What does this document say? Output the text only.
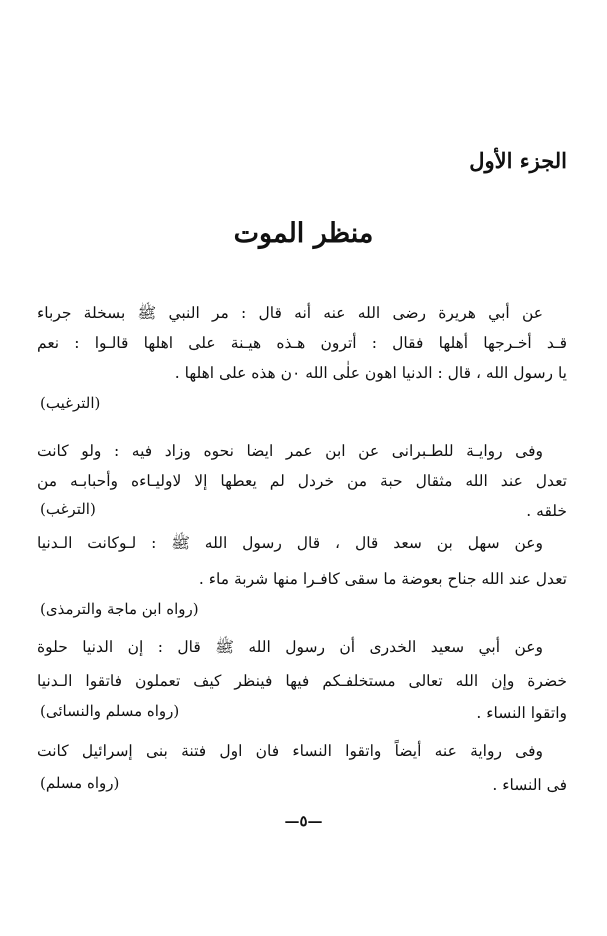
الجزء الأول
منظر الموت
عن أبي هريرة رضى الله عنه أنه قال : مر النبي ﷺ بسخلة جرباء
قـد أخـرجها أهلها فقال : أترون هـذه هيـنة على اهلها قالـوا : نعم
يا رسول الله ، قال : الدنيا اهون علٰى الله ٠ن هذه على اهلها .
(الترغيب)
وفى روايـة للطـبرانى عن ابن عمر ايضا نحوه وزاد فيه : ولو كانت
تعدل عند الله مثقال حبة من خردل لم يعطها إلا لاوليـاءه وأحبابـه من
خلقه .
(الترغب)
وعن سهل بن سعد قال ، قال رسول الله ﷺ : لـوكانت الـدنيا
تعدل عند الله جناح بعوضة ما سقى كافـرا منها شربة ماء .
(رواه ابن ماجة والترمذى)
وعن أبي سعيد الخدرى أن رسول الله ﷺ قال : إن الدنيا حلوة
خضرة وإن الله تعالى مستخلفـكم فيها فينظر كيف تعملون فاتقوا الـدنيا
واتقوا النساء .
(رواه مسلم والنسائى)
وفى رواية عنه أيضاً واتقوا النساء فان اول فتنة بنى إسرائيل كانت
فى النساء .
(رواه مسلم)
—٥—
